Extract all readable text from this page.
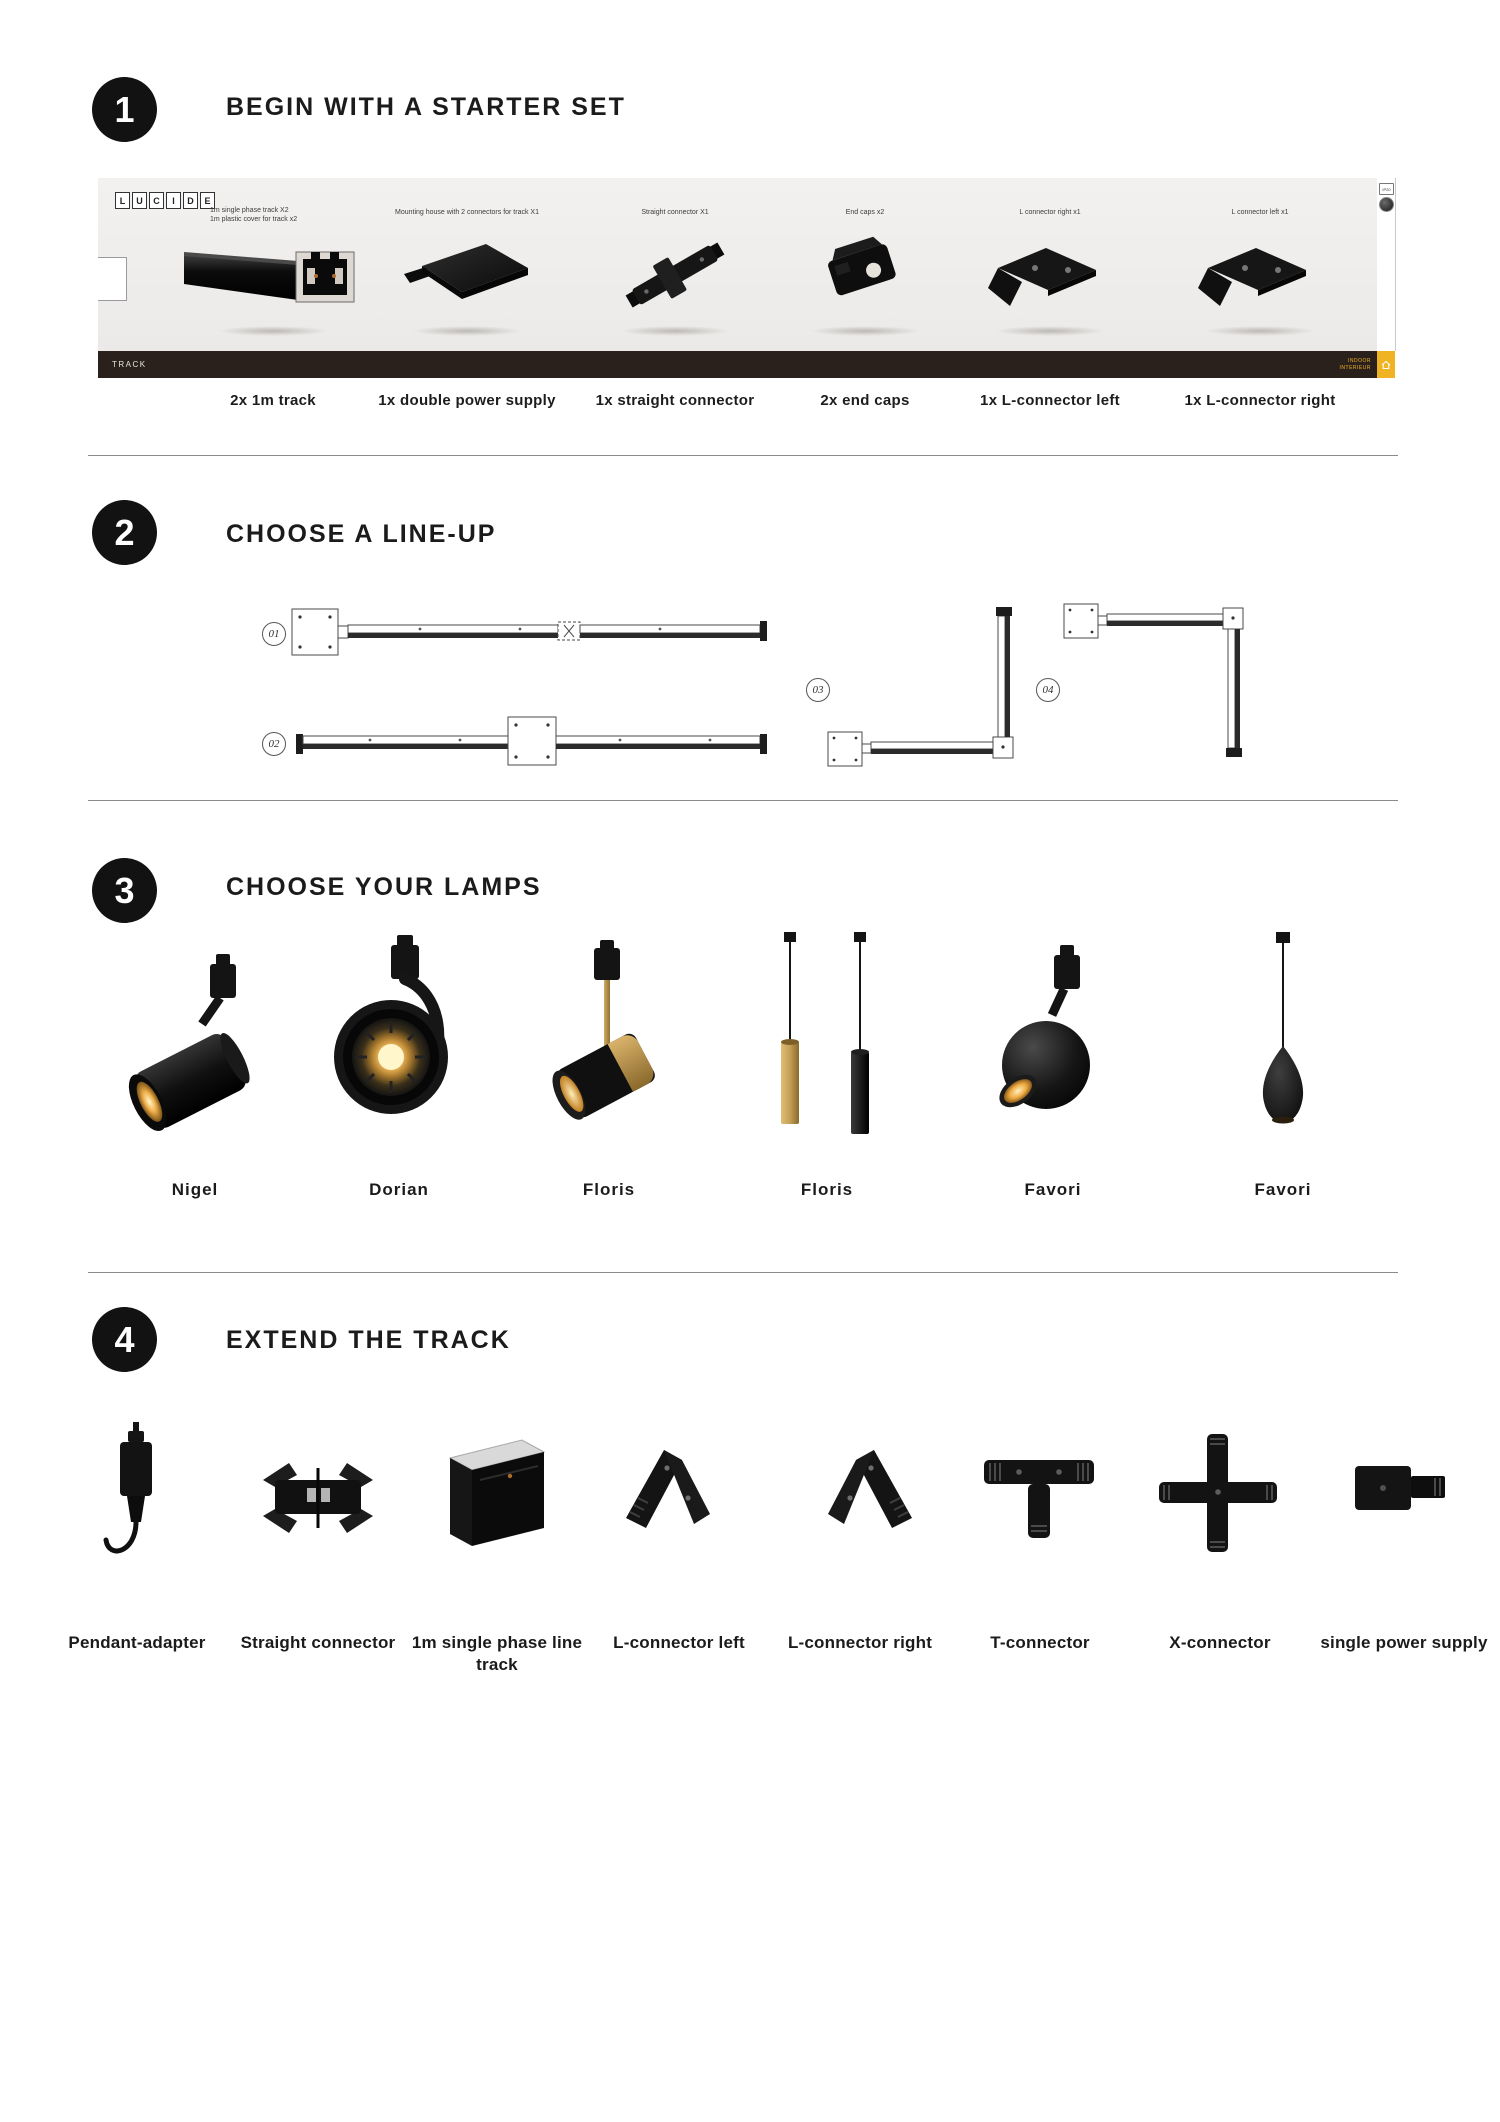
1	BEGIN WITH A STARTER SET
L	U	C	I	D	E
1m single phase track X2
1m plastic cover for track x2
Mounting house with 2 connectors for track X1	Straight connector X1	End caps x2	L connector right x1	L connector left x1
IP20
TRACK	INDOOR
INTERIEUR
2x 1m track	1x double power supply	1x straight connector	2x end caps	1x L-connector left	1x L-connector right
2	CHOOSE A LINE-UP
01
02
03	04
3	CHOOSE YOUR LAMPS
Nigel	Dorian	Floris	Floris	Favori	Favori
4	EXTEND THE TRACK
Pendant-adapter	Straight connector 1m single phase line track
L-connector left	L-connector right	T-connector	X-connector	single power supply
